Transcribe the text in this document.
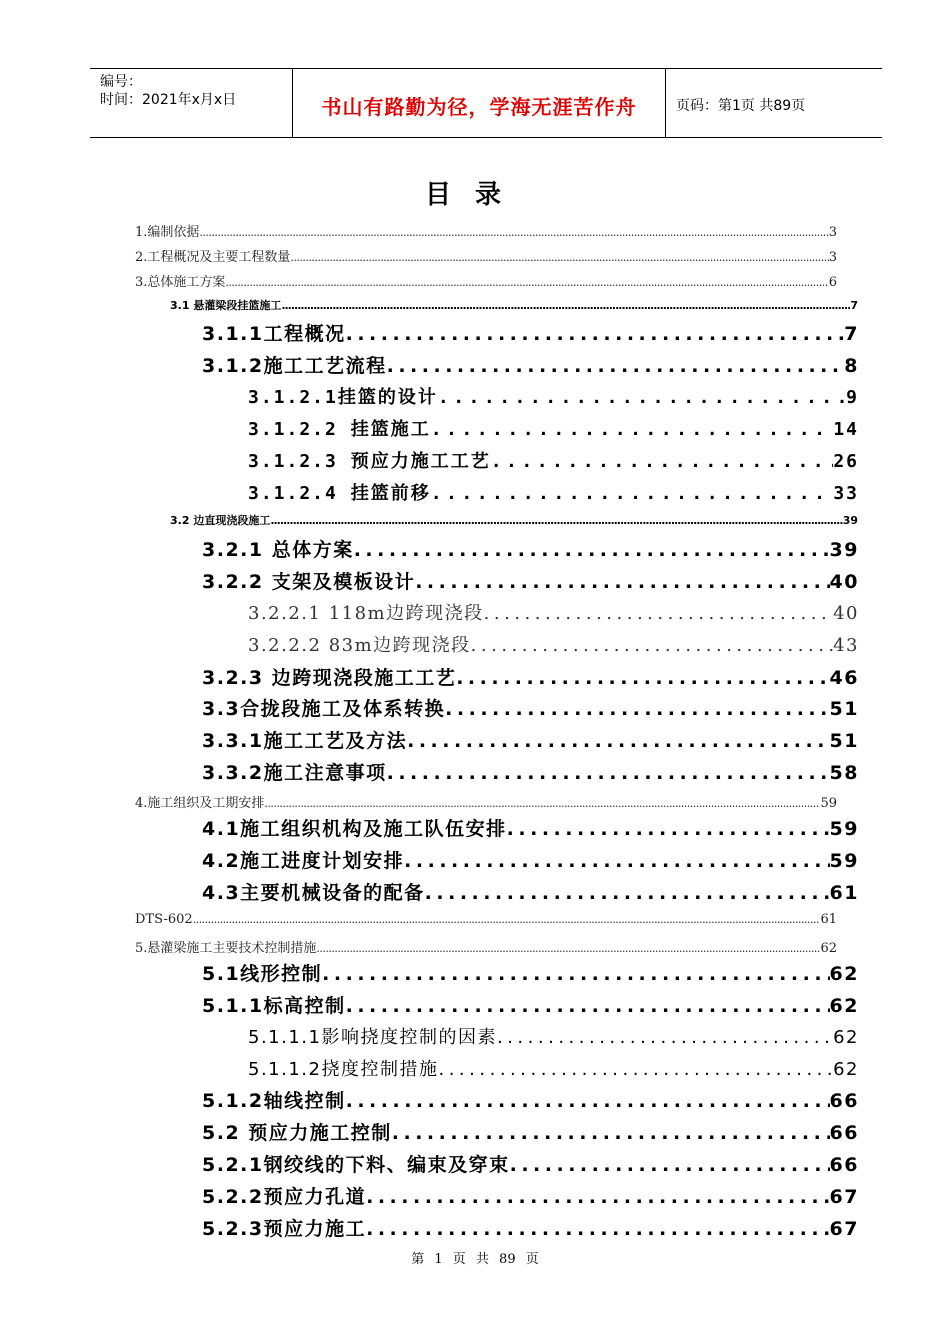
编号：
时间：2021年x月x日	书山有路勤为径，学海无涯苦作舟	页码：第1页 共89页
目录
1.编制依据 .....	3
2.工程概况及主要工程数量 .....	3
3.总体施工方案 .....	6
3.1 悬灌梁段挂篮施工 .....	7
3.1.1工程概况 .....	7
3.1.2施工工艺流程 .....	8
3.1.2.1挂篮的设计 .....	9
3.1.2.2 挂篮施工 .....	14
3.1.2.3 预应力施工工艺 .....	26
3.1.2.4 挂篮前移 .....	33
3.2 边直现浇段施工 .....	39
3.2.1 总体方案 .....	39
3.2.2 支架及模板设计 .....	40
3.2.2.1 118m边跨现浇段 .....	40
3.2.2.2 83m边跨现浇段 .....	43
3.2.3 边跨现浇段施工工艺 .....	46
3.3合拢段施工及体系转换 .....	51
3.3.1施工工艺及方法 .....	51
3.3.2施工注意事项 .....	58
4.施工组织及工期安排 .....	59
4.1施工组织机构及施工队伍安排 .....	59
4.2施工进度计划安排 .....	59
4.3主要机械设备的配备 .....	61
DTS-602 .....	61
5.悬灌梁施工主要技术控制措施 .....	62
5.1线形控制 .....	62
5.1.1标高控制 .....	62
5.1.1.1影响挠度控制的因素 .....	62
5.1.1.2挠度控制措施 .....	62
5.1.2轴线控制 .....	66
5.2 预应力施工控制 .....	66
5.2.1钢绞线的下料、编束及穿束 .....	66
5.2.2预应力孔道 .....	67
5.2.3预应力施工 .....	67
第 1 页 共 89 页
